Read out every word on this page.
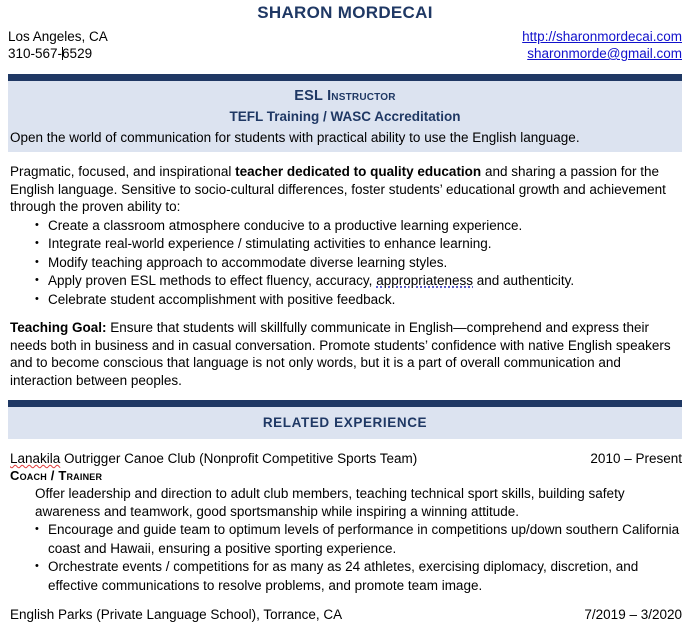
SHARON MORDECAI
Los Angeles, CA
310-567-6529
http://sharonmordecai.com
sharonmorde@gmail.com
ESL Instructor
TEFL Training / WASC Accreditation
Open the world of communication for students with practical ability to use the English language.
Pragmatic, focused, and inspirational teacher dedicated to quality education and sharing a passion for the English language. Sensitive to socio-cultural differences, foster students’ educational growth and achievement through the proven ability to:
• Create a classroom atmosphere conducive to a productive learning experience.
• Integrate real-world experience / stimulating activities to enhance learning.
• Modify teaching approach to accommodate diverse learning styles.
• Apply proven ESL methods to effect fluency, accuracy, appropriateness and authenticity.
• Celebrate student accomplishment with positive feedback.
Teaching Goal: Ensure that students will skillfully communicate in English—comprehend and express their needs both in business and in casual conversation. Promote students’ confidence with native English speakers and to become conscious that language is not only words, but it is a part of overall communication and interaction between peoples.
RELATED EXPERIENCE
Lanakila Outrigger Canoe Club (Nonprofit Competitive Sports Team)	2010 – Present
Coach / Trainer
Offer leadership and direction to adult club members, teaching technical sport skills, building safety awareness and teamwork, good sportsmanship while inspiring a winning attitude.
• Encourage and guide team to optimum levels of performance in competitions up/down southern California coast and Hawaii, ensuring a positive sporting experience.
• Orchestrate events / competitions for as many as 24 athletes, exercising diplomacy, discretion, and effective communications to resolve problems, and promote team image.
English Parks (Private Language School), Torrance, CA	7/2019 – 3/2020
